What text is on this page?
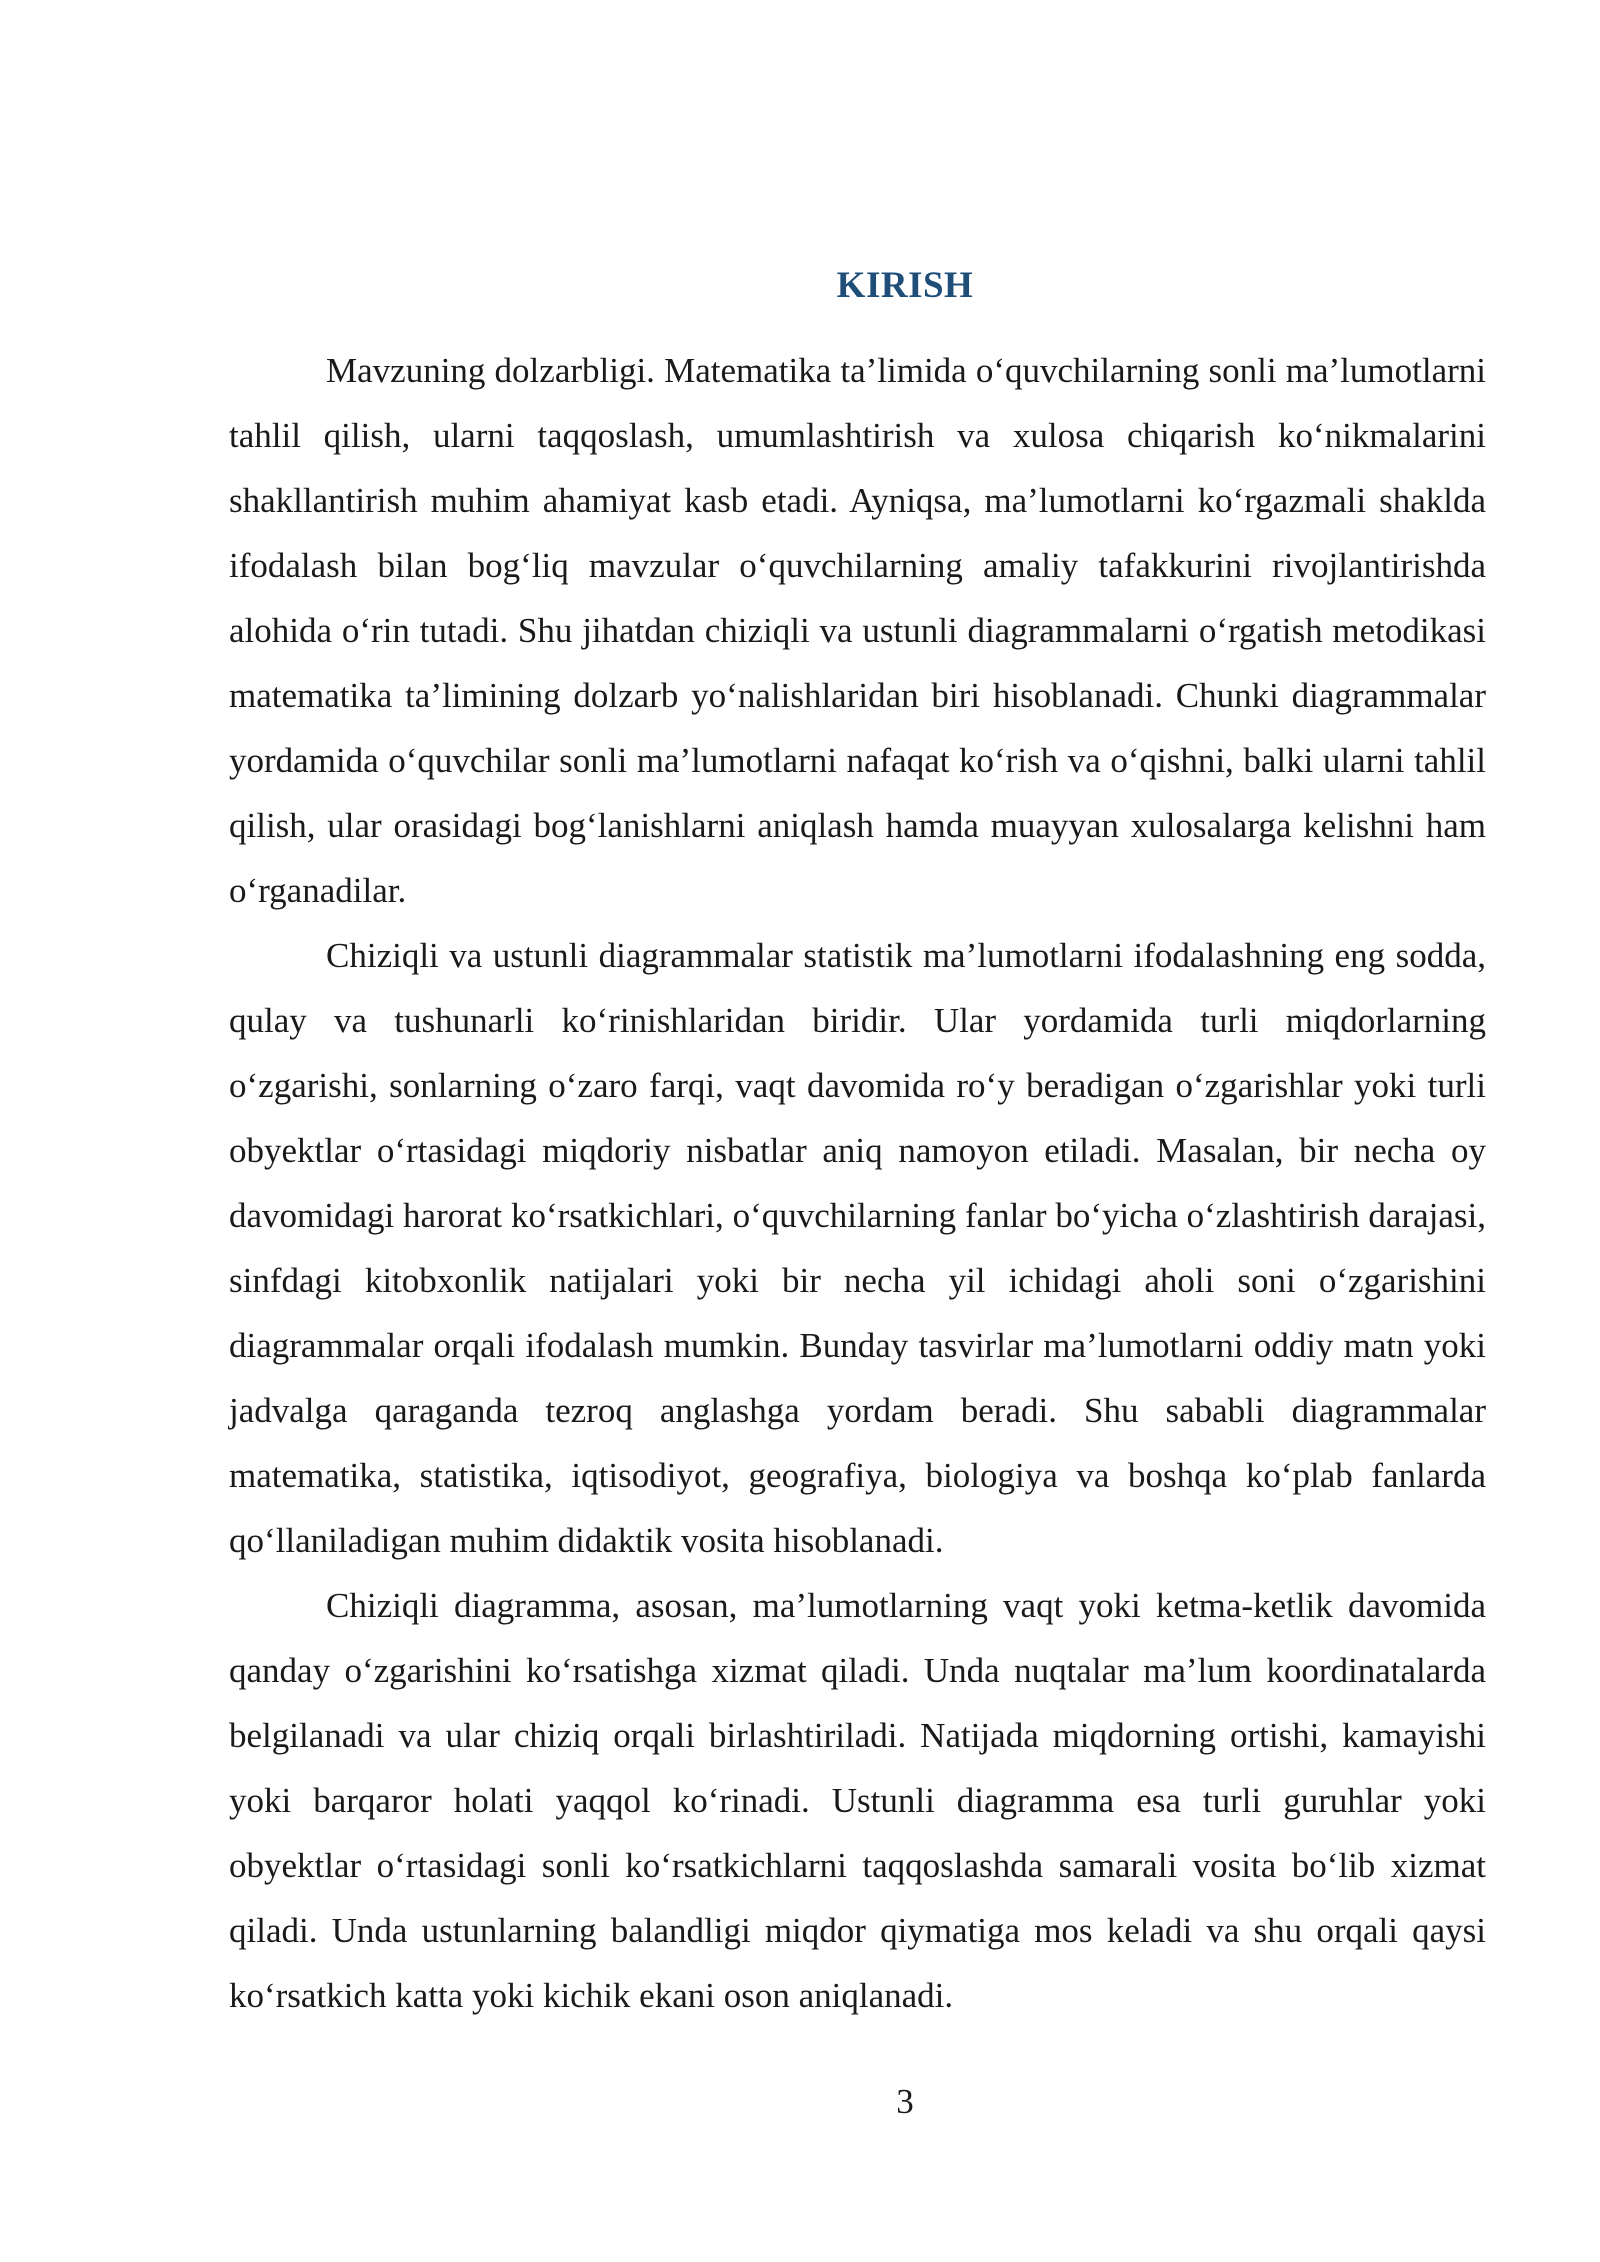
KIRISH

Mavzuning dolzarbligi. Matematika ta’limida o‘quvchilarning sonli ma’lumotlarni tahlil qilish, ularni taqqoslash, umumlashtirish va xulosa chiqarish ko‘nikmalarini shakllantirish muhim ahamiyat kasb etadi. Ayniqsa, ma’lumotlarni ko‘rgazmali shaklda ifodalash bilan bog‘liq mavzular o‘quvchilarning amaliy tafakkurini rivojlantirishda alohida o‘rin tutadi. Shu jihatdan chiziqli va ustunli diagrammalarni o‘rgatish metodikasi matematika ta’limining dolzarb yo‘nalishlaridan biri hisoblanadi. Chunki diagrammalar yordamida o‘quvchilar sonli ma’lumotlarni nafaqat ko‘rish va o‘qishni, balki ularni tahlil qilish, ular orasidagi bog‘lanishlarni aniqlash hamda muayyan xulosalarga kelishni ham o‘rganadilar.

Chiziqli va ustunli diagrammalar statistik ma’lumotlarni ifodalashning eng sodda, qulay va tushunarli ko‘rinishlaridan biridir. Ular yordamida turli miqdorlarning o‘zgarishi, sonlarning o‘zaro farqi, vaqt davomida ro‘y beradigan o‘zgarishlar yoki turli obyektlar o‘rtasidagi miqdoriy nisbatlar aniq namoyon etiladi. Masalan, bir necha oy davomidagi harorat ko‘rsatkichlari, o‘quvchilarning fanlar bo‘yicha o‘zlashtirish darajasi, sinfdagi kitobxonlik natijalari yoki bir necha yil ichidagi aholi soni o‘zgarishini diagrammalar orqali ifodalash mumkin. Bunday tasvirlar ma’lumotlarni oddiy matn yoki jadvalga qaraganda tezroq anglashga yordam beradi. Shu sababli diagrammalar matematika, statistika, iqtisodiyot, geografiya, biologiya va boshqa ko‘plab fanlarda qo‘llaniladigan muhim didaktik vosita hisoblanadi.

Chiziqli diagramma, asosan, ma’lumotlarning vaqt yoki ketma-ketlik davomida qanday o‘zgarishini ko‘rsatishga xizmat qiladi. Unda nuqtalar ma’lum koordinatalarda belgilanadi va ular chiziq orqali birlashtiriladi. Natijada miqdorning ortishi, kamayishi yoki barqaror holati yaqqol ko‘rinadi. Ustunli diagramma esa turli guruhlar yoki obyektlar o‘rtasidagi sonli ko‘rsatkichlarni taqqoslashda samarali vosita bo‘lib xizmat qiladi. Unda ustunlarning balandligi miqdor qiymatiga mos keladi va shu orqali qaysi ko‘rsatkich katta yoki kichik ekani oson aniqlanadi.

3
